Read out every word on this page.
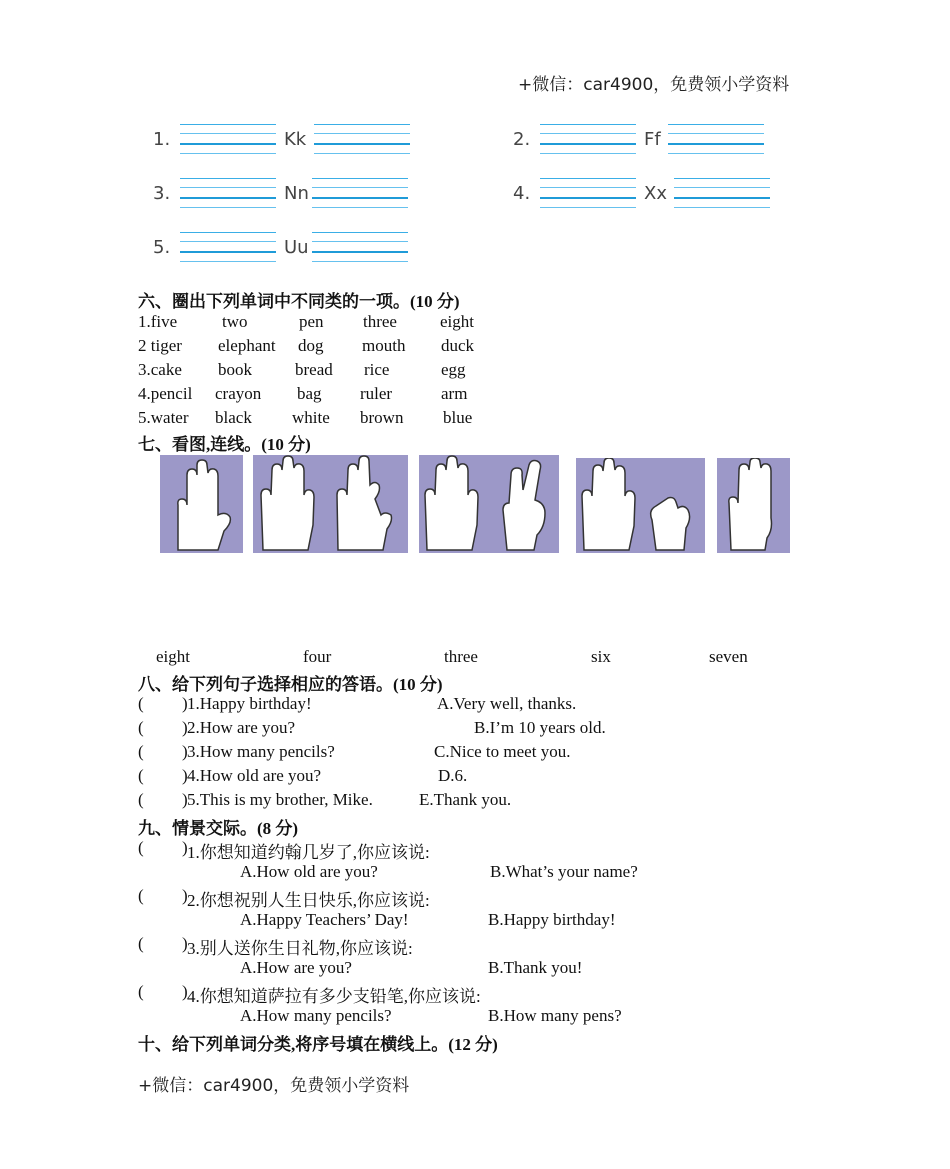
+微信：car4900，免费领小学资料
1.	Kk	2.	Ff
3.	Nn	4.	Xx
5.	Uu
六、圈出下列单词中不同类的一项。(10 分)
1.five	two	pen three	eight
2 tiger elephant dog mouth duck
3.cake book	bread rice	egg
4.pencil crayon bag ruler	arm
5.water black white brown blue
七、看图,连线。(10 分)
eight	four	three	six	seven
八、给下列句子选择相应的答语。(10 分)
( ) 1.Happy birthday!	A.Very well, thanks.
( ) 2.How are you?	B.I’m 10 years old.
( ) 3.How many pencils?	C.Nice to meet you.
( ) 4.How old are you?	D.6.
( ) 5.This is my brother, Mike.	E.Thank you.
九、情景交际。(8 分)
( ) 1.你想知道约翰几岁了,你应该说:
A.How old are you?	B.What’s your name?
( ) 2.你想祝别人生日快乐,你应该说:
A.Happy Teachers’ Day!	B.Happy birthday!
( ) 3.别人送你生日礼物,你应该说:
A.How are you?	B.Thank you!
( ) 4.你想知道萨拉有多少支铅笔,你应该说:
A.How many pencils?	B.How many pens?
十、给下列单词分类,将序号填在横线上。(12 分)
+微信：car4900，免费领小学资料
